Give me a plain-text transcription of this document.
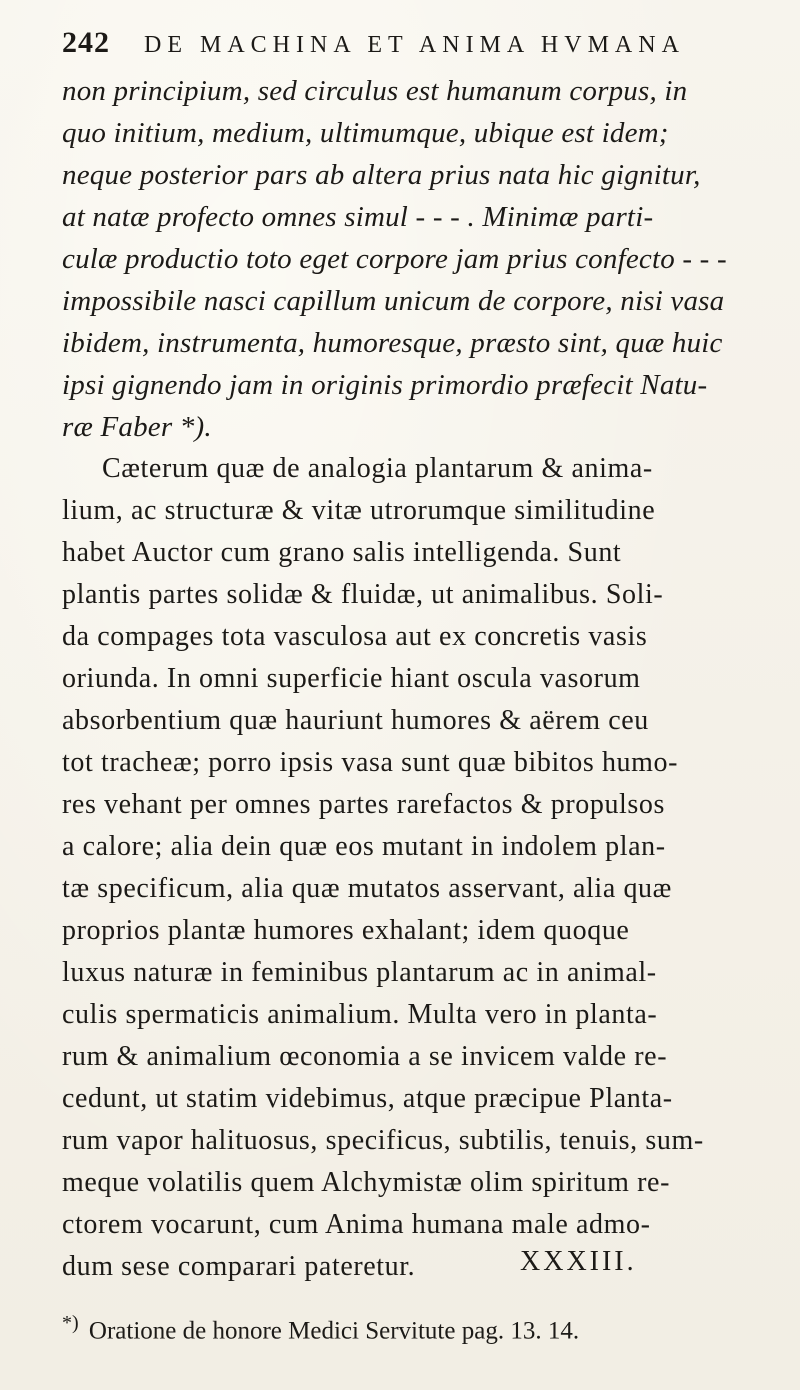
242 DE MACHINA ET ANIMA HVMANA
non principium, sed circulus est humanum corpus, in
quo initium, medium, ultimumque, ubique est idem;
neque posterior pars ab altera prius nata hic gignitur,
at natæ profecto omnes simul - - - . Minimæ parti-
culæ productio toto eget corpore jam prius confecto - - -
impossibile nasci capillum unicum de corpore, nisi vasa
ibidem, instrumenta, humoresque, præsto sint, quæ huic
ipsi gignendo jam in originis primordio præfecit Natu-
ræ Faber *).
Cæterum quæ de analogia plantarum & anima-
lium, ac structuræ & vitæ utrorumque similitudine
habet Auctor cum grano salis intelligenda. Sunt
plantis partes solidæ & fluidæ, ut animalibus. Soli-
da compages tota vasculosa aut ex concretis vasis
oriunda. In omni superficie hiant oscula vasorum
absorbentium quæ hauriunt humores & aërem ceu
tot tracheæ; porro ipsis vasa sunt quæ bibitos humo-
res vehant per omnes partes rarefactos & propulsos
a calore; alia dein quæ eos mutant in indolem plan-
tæ specificum, alia quæ mutatos asservant, alia quæ
proprios plantæ humores exhalant; idem quoque
luxus naturæ in feminibus plantarum ac in animal-
culis spermaticis animalium. Multa vero in planta-
rum & animalium œconomia a se invicem valde re-
cedunt, ut statim videbimus, atque præcipue Planta-
rum vapor halituosus, specificus, subtilis, tenuis, sum-
meque volatilis quem Alchymistæ olim spiritum re-
ctorem vocarunt, cum Anima humana male admo-
dum sese comparari pateretur.	XXXIII.
*) Oratione de honore Medici Servitute pag. 13. 14.
